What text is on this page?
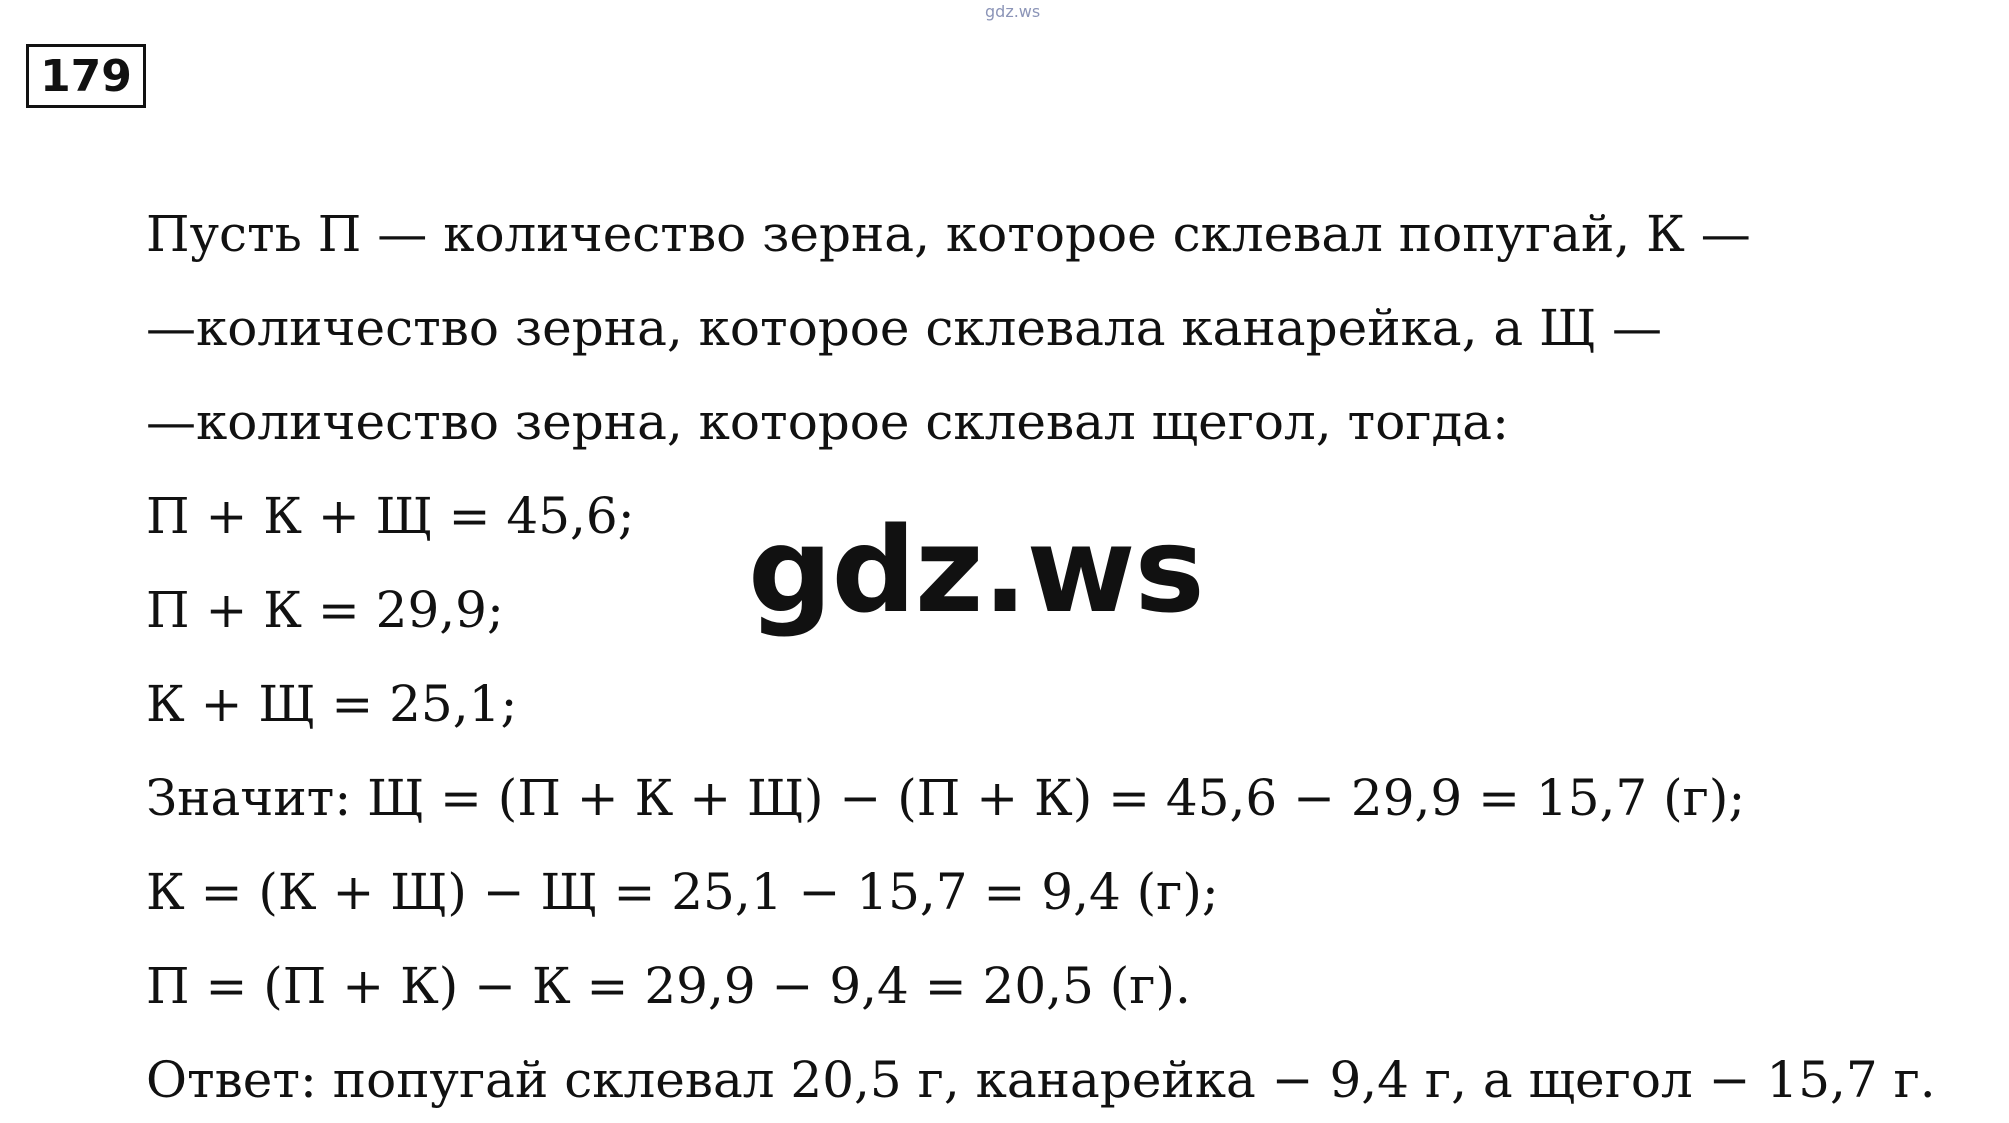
gdz.ws
179
Пусть П — количество зерна, которое склевал попугай, К —
—количество зерна, которое склевала канарейка, а Щ —
—количество зерна, которое склевал щегол, тогда:
П + К + Щ = 45,6;
П + К = 29,9;
К + Щ = 25,1;
Значит: Щ = (П + К + Щ) − (П + К) = 45,6 − 29,9 = 15,7 (г);
К = (К + Щ) − Щ = 25,1 − 15,7 = 9,4 (г);
П = (П + К) − К = 29,9 − 9,4 = 20,5 (г).
Ответ: попугай склевал 20,5 г, канарейка − 9,4 г, а щегол − 15,7 г.
gdz.ws
